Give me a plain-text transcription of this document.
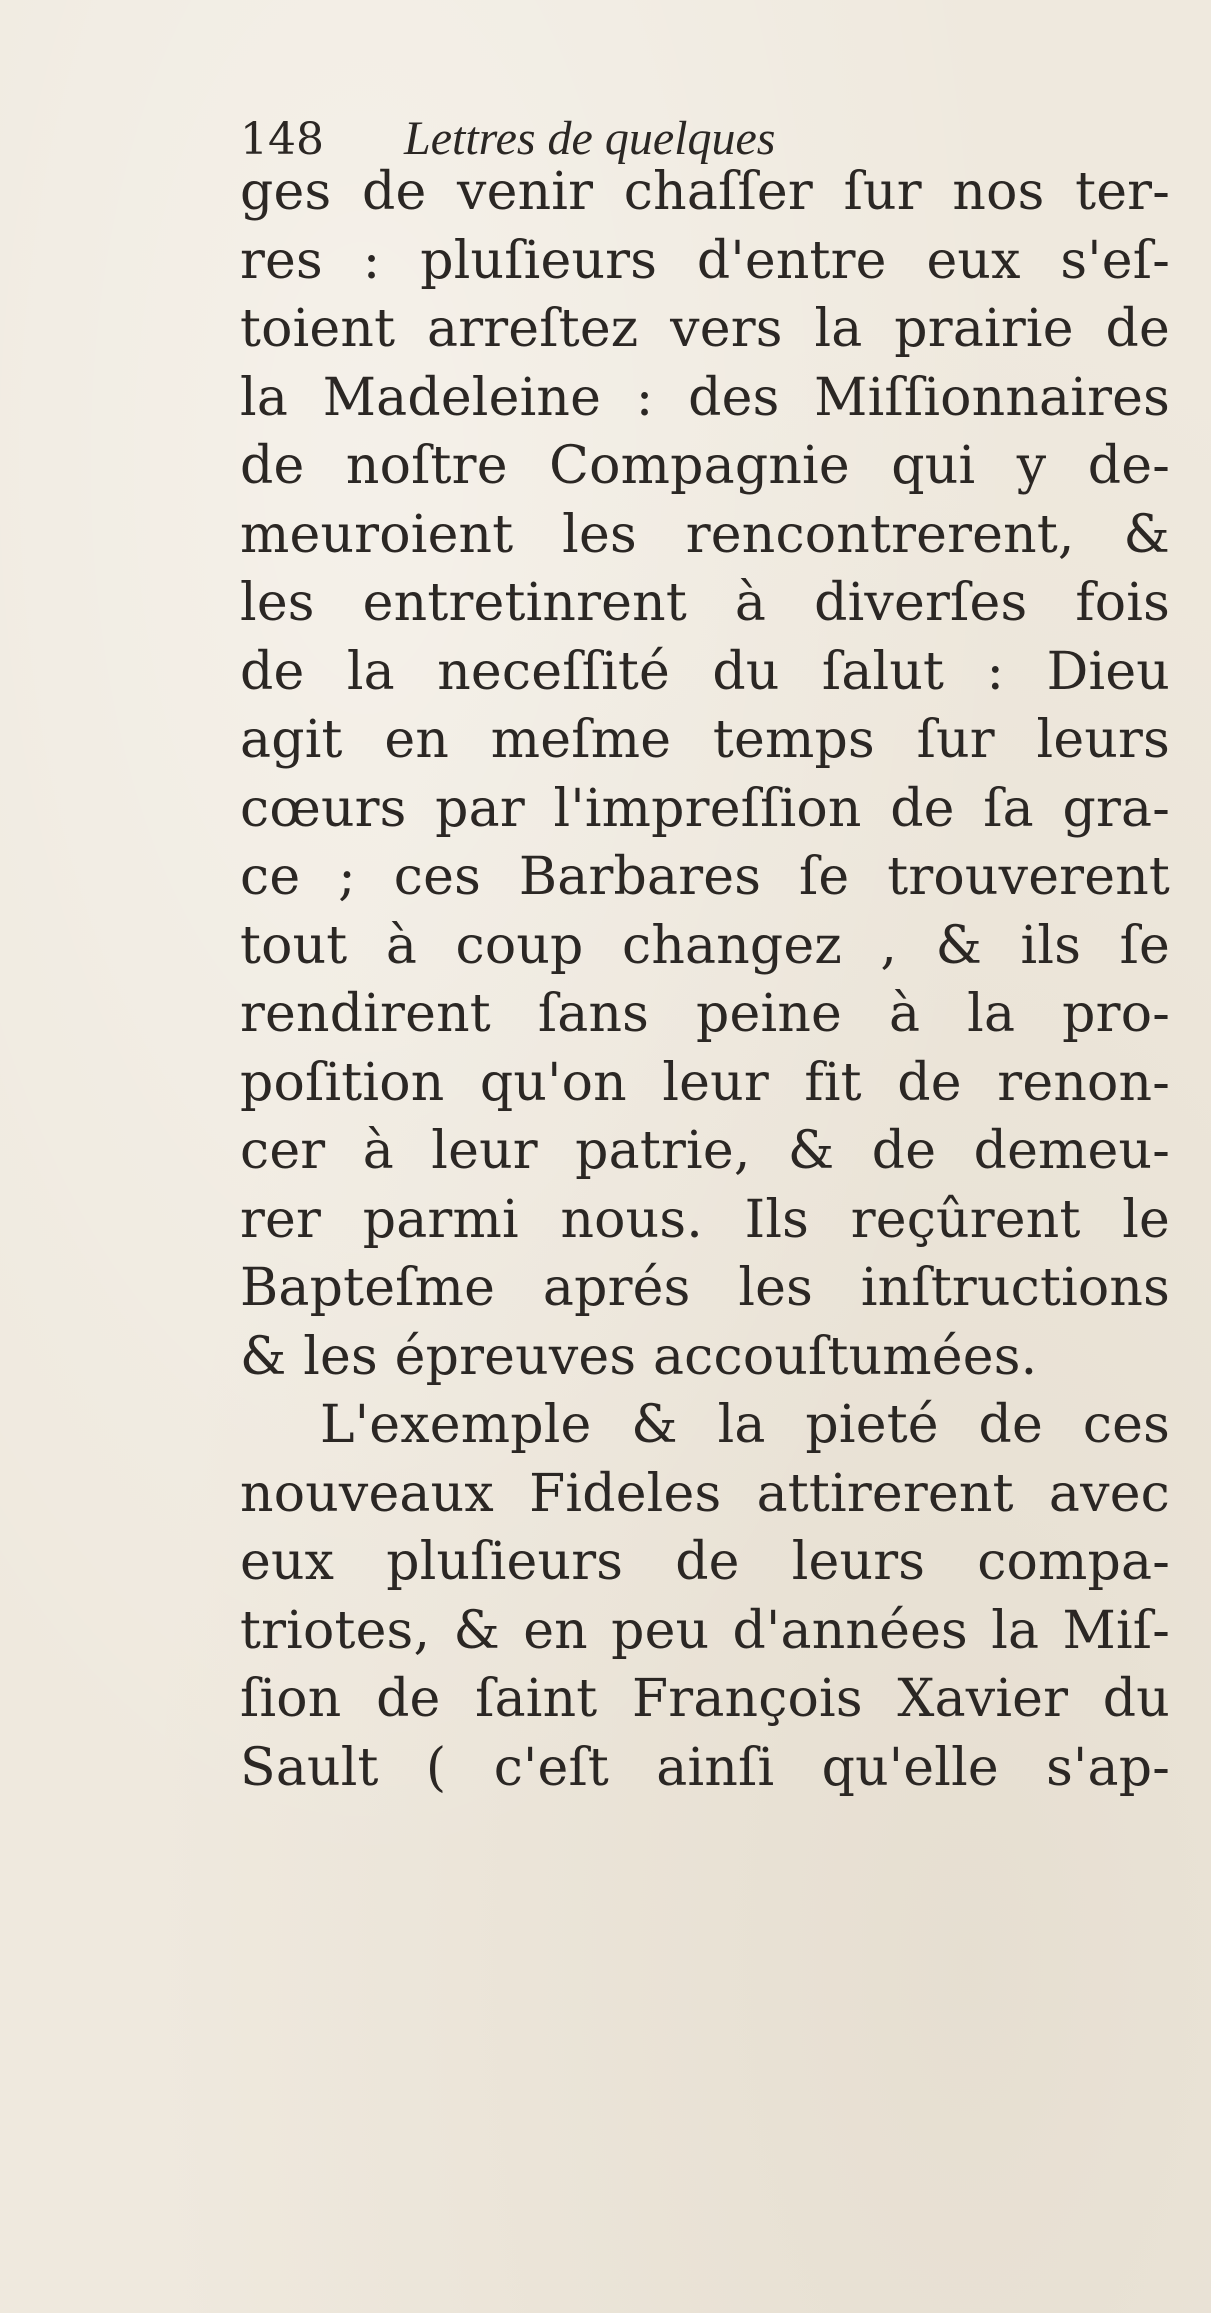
148 Lettres de quelques
ges de venir chaſſer ſur nos ter-
res : pluſieurs d'entre eux s'eſ-
toient arreſtez vers la prairie de
la Madeleine : des Miſſionnaires
de noſtre Compagnie qui y de-
meuroient les rencontrerent, &
les entretinrent à diverſes fois
de la neceſſité du ſalut : Dieu
agit en meſme temps ſur leurs
cœurs par l'impreſſion de ſa gra-
ce ; ces Barbares ſe trouverent
tout à coup changez , & ils ſe
rendirent ſans peine à la pro-
poſition qu'on leur fit de renon-
cer à leur patrie, & de demeu-
rer parmi nous. Ils reçûrent le
Bapteſme aprés les inſtructions
& les épreuves accouſtumées.
L'exemple & la pieté de ces
nouveaux Fideles attirerent avec
eux pluſieurs de leurs compa-
triotes, & en peu d'années la Miſ-
ſion de ſaint François Xavier du
Sault ( c'eſt ainſi qu'elle s'ap-
